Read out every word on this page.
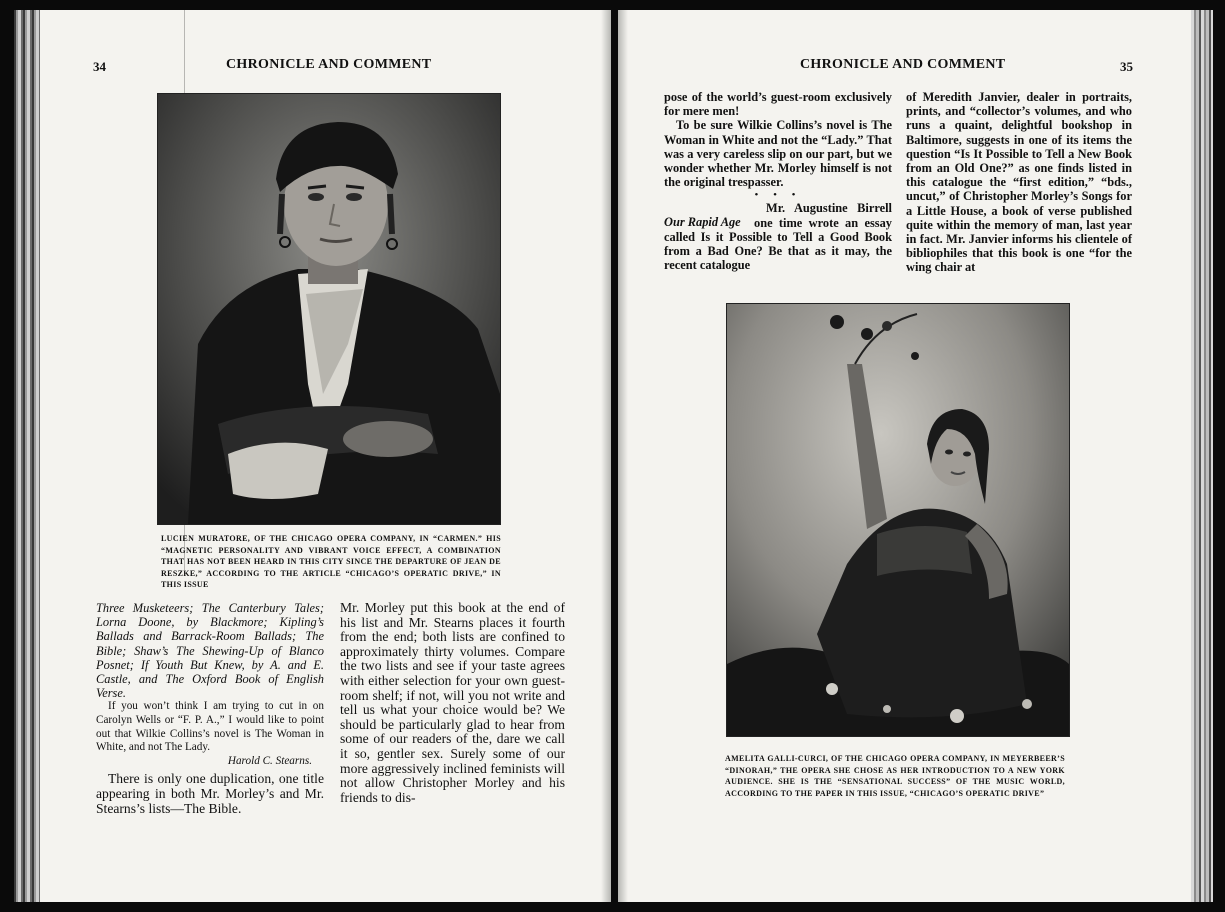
34	CHRONICLE AND COMMENT
LUCIEN MURATORE, OF THE CHICAGO OPERA COMPANY, IN “CARMEN.” HIS “MAGNETIC PERSONALITY AND VIBRANT VOICE EFFECT, A COMBINATION THAT HAS NOT BEEN HEARD IN THIS CITY SINCE THE DEPARTURE OF JEAN DE RESZKE,” ACCORDING TO THE ARTICLE “CHICAGO’S OPERATIC DRIVE,” IN THIS ISSUE

Three Musketeers; The Canterbury Tales; Lorna Doone, by Blackmore; Kipling’s Ballads and Barrack-Room Ballads; The Bible; Shaw’s The Shewing-Up of Blanco Posnet; If Youth But Knew, by A. and E. Castle, and The Oxford Book of English Verse.

If you won’t think I am trying to cut in on Carolyn Wells or “F. P. A.,” I would like to point out that Wilkie Collins’s novel is The Woman in White, and not The Lady.

Harold C. Stearns.

There is only one duplication, one title appearing in both Mr. Morley’s and Mr. Stearns’s lists—The Bible.

Mr. Morley put this book at the end of his list and Mr. Stearns places it fourth from the end; both lists are confined to approximately thirty volumes. Compare the two lists and see if your taste agrees with either selection for your own guest-room shelf; if not, will you not write and tell us what your choice would be? We should be particularly glad to hear from some of our readers of the, dare we call it so, gentler sex. Surely some of our more aggressively inclined feminists will not allow Christopher Morley and his friends to dis-

CHRONICLE AND COMMENT	35

pose of the world’s guest-room exclusively for mere men!

To be sure Wilkie Collins’s novel is The Woman in White and not the “Lady.” That was a very careless slip on our part, but we wonder whether Mr. Morley himself is not the original trespasser.

• • •

Our Rapid Age

Mr. Augustine Birrell one time wrote an essay called Is it Possible to Tell a Good Book from a Bad One? Be that as it may, the recent catalogue

of Meredith Janvier, dealer in portraits, prints, and “collector’s volumes, and who runs a quaint, delightful bookshop in Baltimore, suggests in one of its items the question “Is It Possible to Tell a New Book from an Old One?” as one finds listed in this catalogue the “first edition,” “bds., uncut,” of Christopher Morley’s Songs for a Little House, a book of verse published quite within the memory of man, last year in fact. Mr. Janvier informs his clientele of bibliophiles that this book is one “for the wing chair at

AMELITA GALLI-CURCI, OF THE CHICAGO OPERA COMPANY, IN MEYERBEER’S “DINORAH,” THE OPERA SHE CHOSE AS HER INTRODUCTION TO A NEW YORK AUDIENCE. SHE IS THE “SENSATIONAL SUCCESS” OF THE MUSIC WORLD, ACCORDING TO THE PAPER IN THIS ISSUE, “CHICAGO’S OPERATIC DRIVE”
